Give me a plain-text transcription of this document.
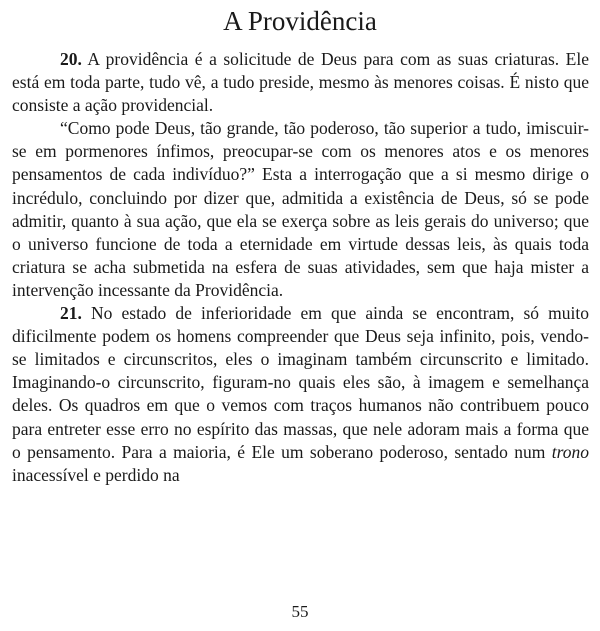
A Providência

20. A providência é a solicitude de Deus para com as suas criaturas. Ele está em toda parte, tudo vê, a tudo preside, mesmo às menores coisas. É nisto que consiste a ação providencial.

“Como pode Deus, tão grande, tão poderoso, tão superior a tudo, imiscuir-se em pormenores ínfimos, preocupar-se com os menores atos e os menores pensamentos de cada indivíduo?” Esta a interrogação que a si mesmo dirige o incrédulo, concluindo por dizer que, admitida a existência de Deus, só se pode admitir, quanto à sua ação, que ela se exerça sobre as leis gerais do universo; que o universo funcione de toda a eternidade em virtude dessas leis, às quais toda criatura se acha submetida na esfera de suas atividades, sem que haja mister a intervenção incessante da Providência.

21. No estado de inferioridade em que ainda se encontram, só muito dificilmente podem os homens compreender que Deus seja infinito, pois, vendo-se limitados e circunscritos, eles o imaginam também circunscrito e limitado. Imaginando-o circunscrito, figuram-no quais eles são, à imagem e semelhança deles. Os quadros em que o vemos com traços humanos não contribuem pouco para entreter esse erro no espírito das massas, que nele adoram mais a forma que o pensamento. Para a maioria, é Ele um soberano poderoso, sentado num trono inacessível e perdido na

55
